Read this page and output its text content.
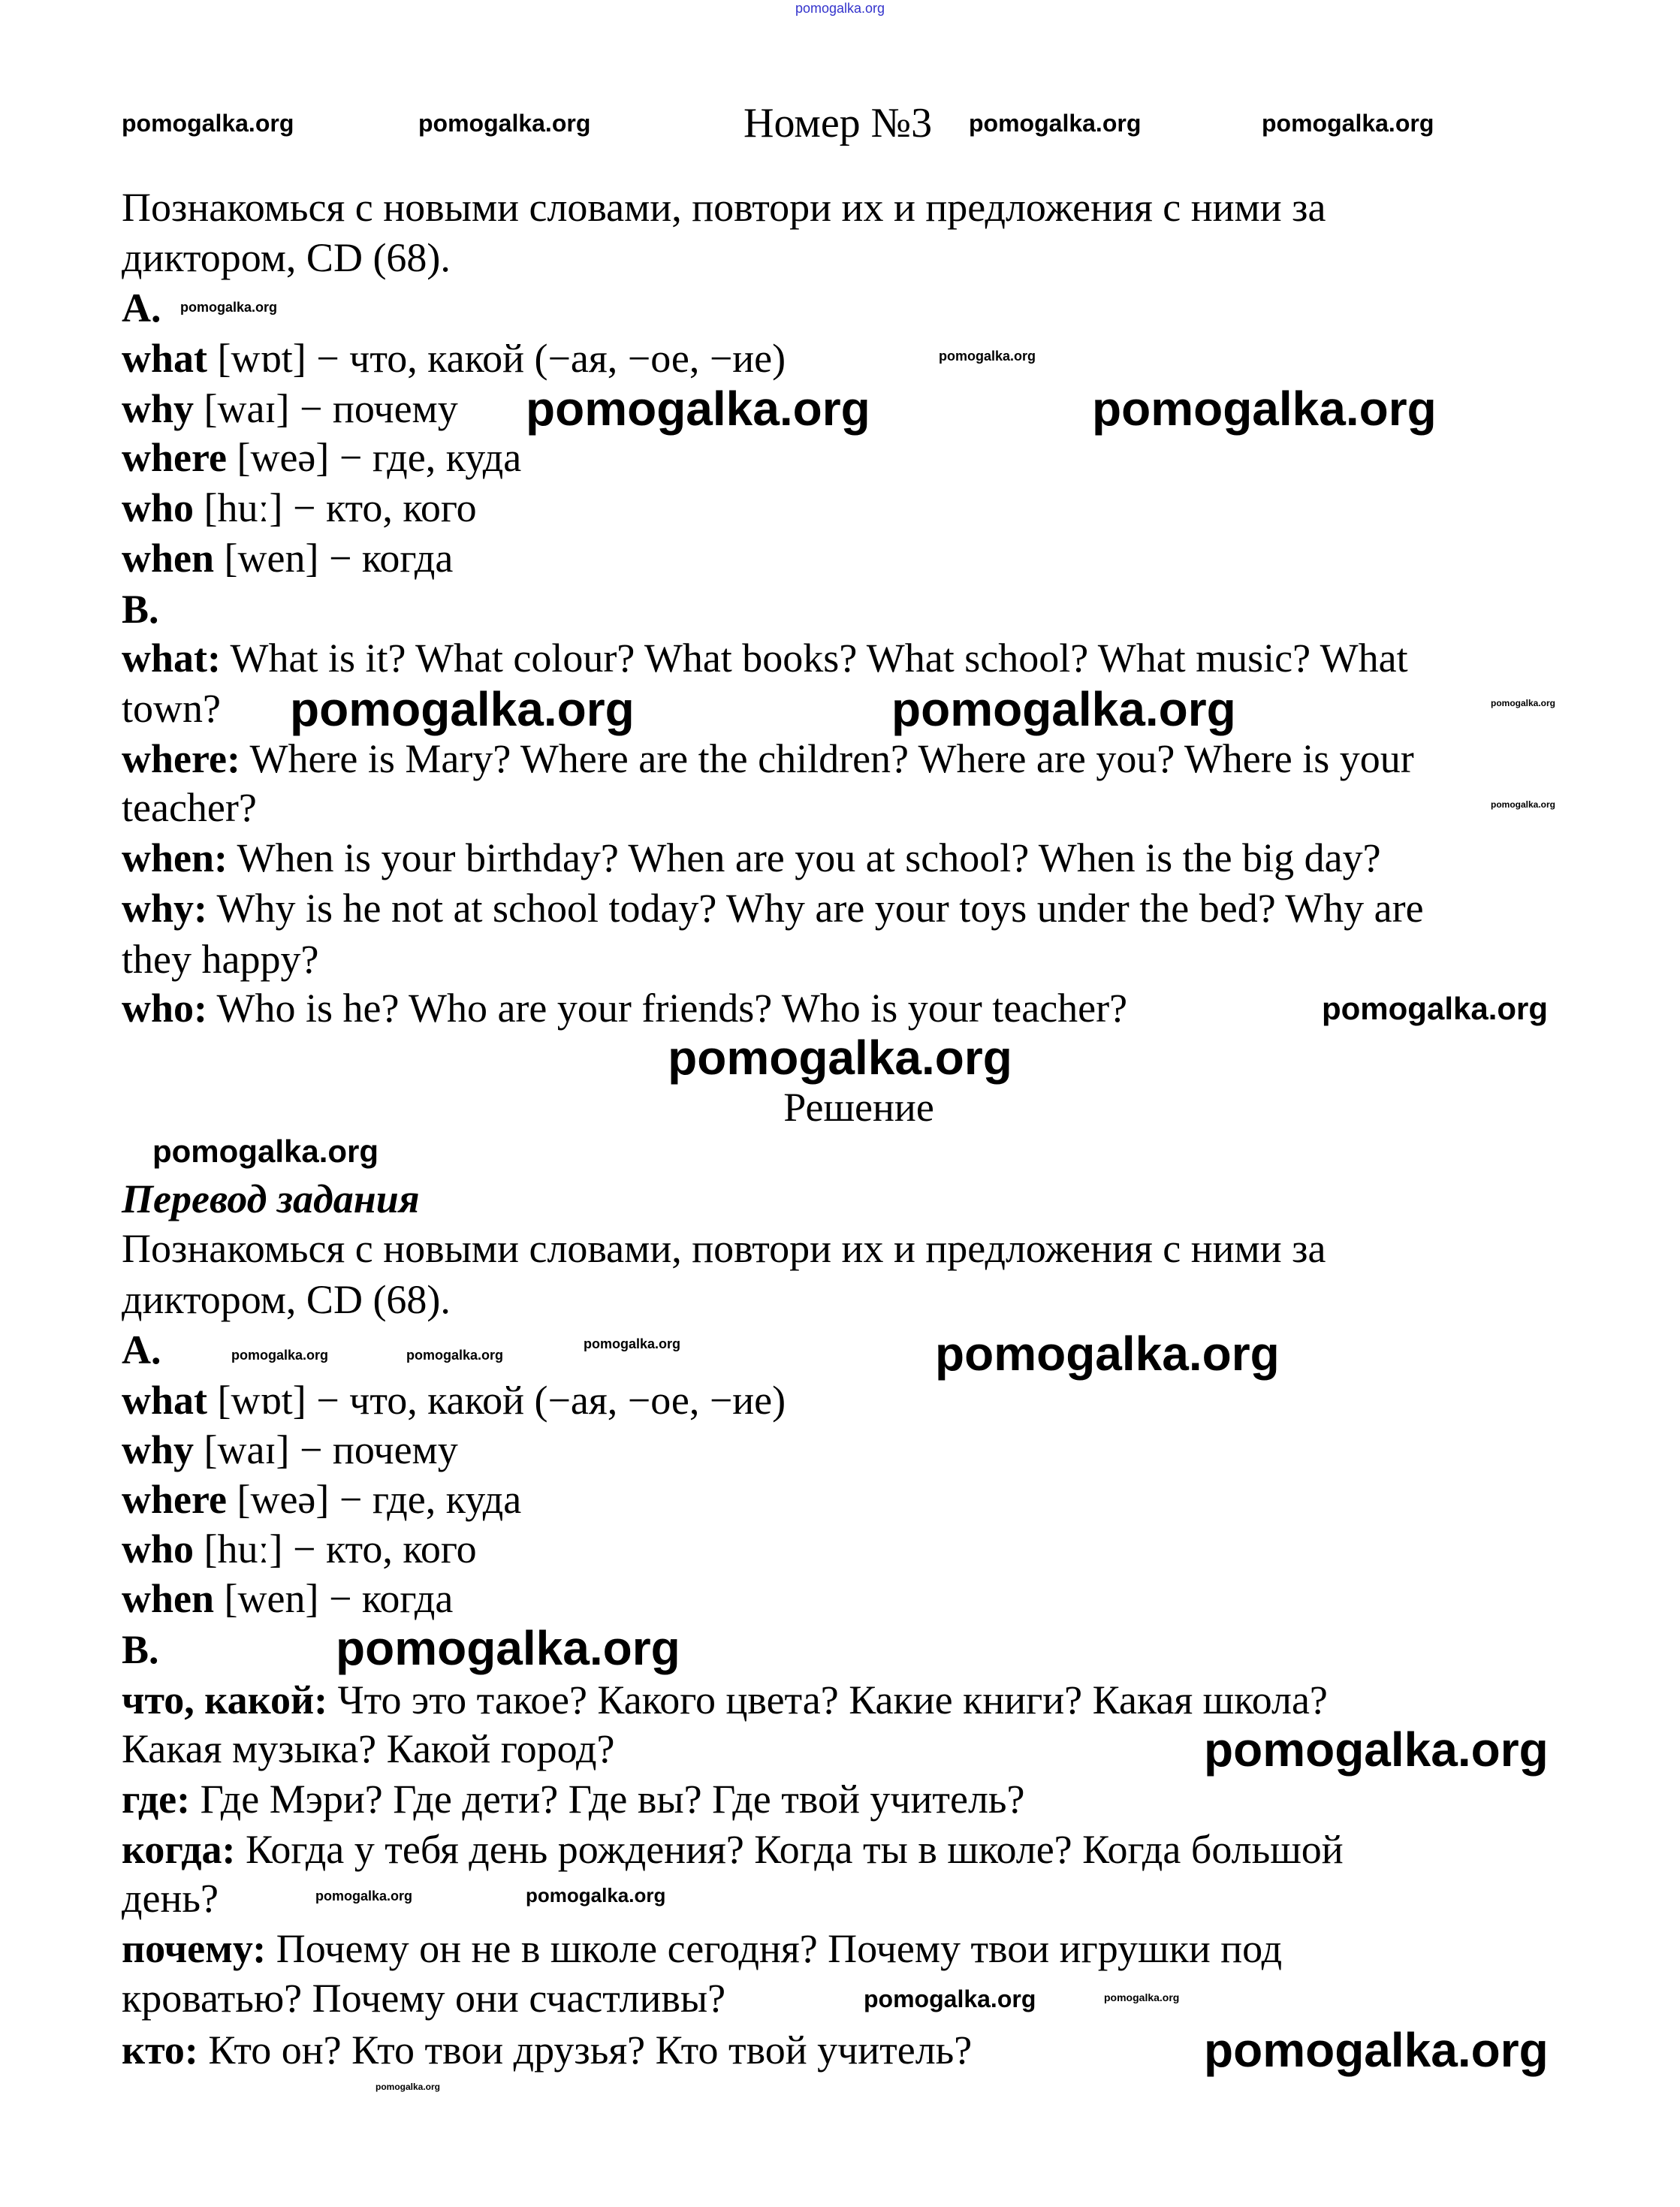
pomogalka.org
pomogalka.org	pomogalka.org	Номер №3 pomogalka.org	pomogalka.org
Познакомься с новыми словами, повтори их и предложения с ними за
диктором, CD (68).
A. pomogalka.org
what [wɒt] − что, какой (−ая, −ое, −ие)	pomogalka.org
why [waɪ] − почему pomogalka.org	pomogalka.org
where [weə] − где, куда
who [huː] − кто, кого
when [wen] − когда
B.
what: What is it? What colour? What books? What school? What music? What
town? pomogalka.org	pomogalka.org	pomogalka.org
where: Where is Mary? Where are the children? Where are you? Where is your
teacher?	pomogalka.org
when: When is your birthday? When are you at school? When is the big day?
why: Why is he not at school today? Why are your toys under the bed? Why are
they happy?
who: Who is he? Who are your friends? Who is your teacher?	pomogalka.org
pomogalka.org
Решение
pomogalka.org
Перевод задания
Познакомься с новыми словами, повтори их и предложения с ними за
диктором, CD (68).
A.	pomogalka.org	pomogalka.org
pomogalka.org	pomogalka.org
what [wɒt] − что, какой (−ая, −ое, −ие)
why [waɪ] − почему
where [weə] − где, куда
who [huː] − кто, кого
when [wen] − когда
B.	pomogalka.org
что, какой: Что это такое? Какого цвета? Какие книги? Какая школа?
Какая музыка? Какой город?	pomogalka.org
где: Где Мэри? Где дети? Где вы? Где твой учитель?
когда: Когда у тебя день рождения? Когда ты в школе? Когда большой
день?	pomogalka.org	pomogalka.org
почему: Почему он не в школе сегодня? Почему твои игрушки под
кроватью? Почему они счастливы?	pomogalka.org	pomogalka.org
кто: Кто он? Кто твои друзья? Кто твой учитель?
pomogalka.org
pomogalka.org
